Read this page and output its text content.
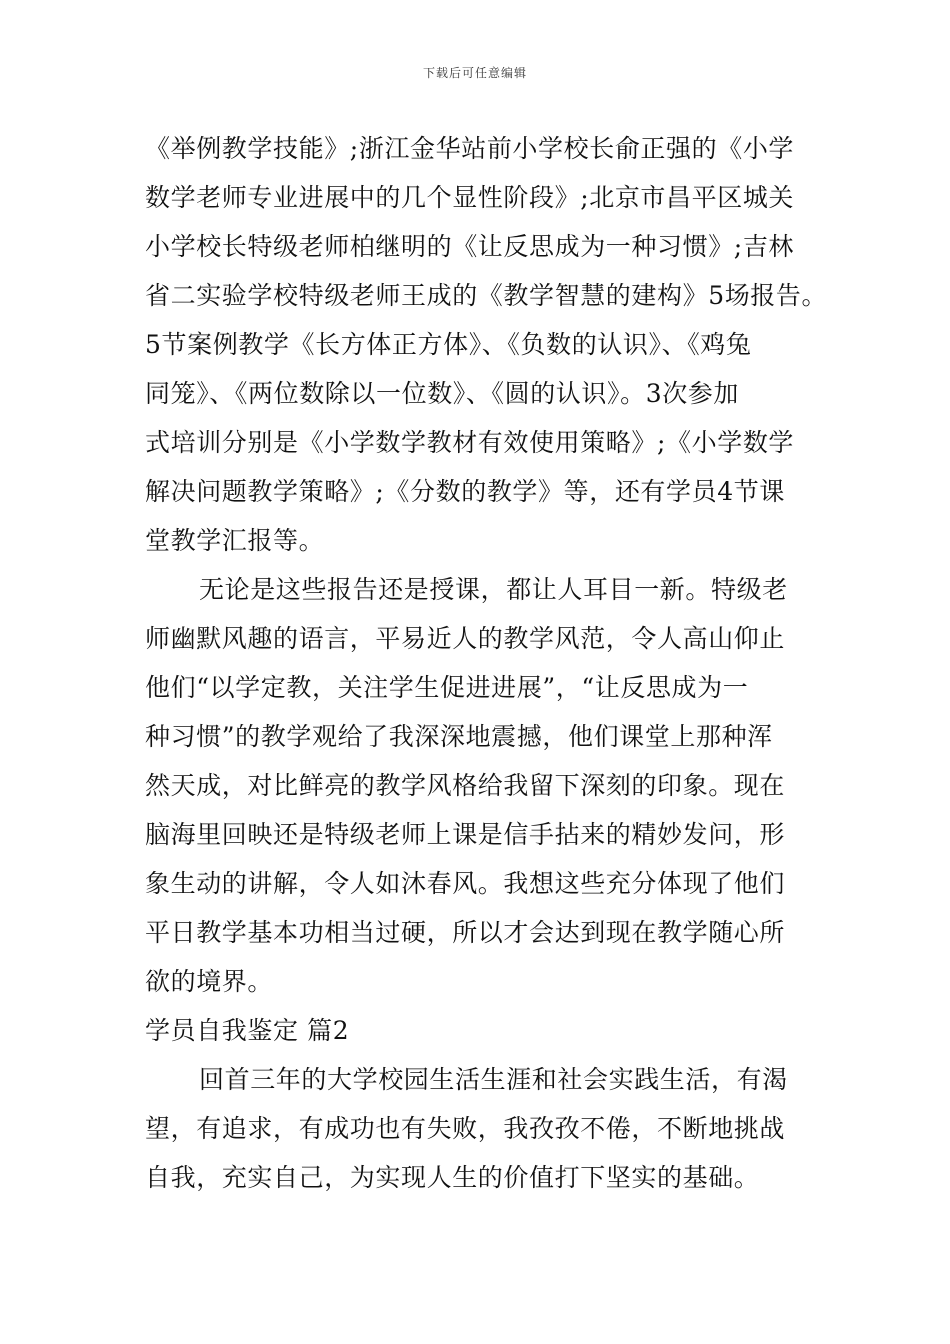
下载后可任意编辑
《举例教学技能》;浙江金华站前小学校长俞正强的《小学
数学老师专业进展中的几个显性阶段》;北京市昌平区城关
小学校长特级老师柏继明的《让反思成为一种习惯》;吉林
省二实验学校特级老师王成的《教学智慧的建构》5场报告。
5节案例教学《长方体正方体》、《负数的认识》、《鸡兔
同笼》、《两位数除以一位数》、《圆的认识》。3次参加
式培训分别是《小学数学教材有效使用策略》;《小学数学
解决问题教学策略》;《分数的教学》等，还有学员4节课
堂教学汇报等。
无论是这些报告还是授课，都让人耳目一新。特级老
师幽默风趣的语言，平易近人的教学风范，令人高山仰止
他们“以学定教，关注学生促进进展”，“让反思成为一
种习惯”的教学观给了我深深地震撼，他们课堂上那种浑
然天成，对比鲜亮的教学风格给我留下深刻的印象。现在
脑海里回映还是特级老师上课是信手拈来的精妙发问，形
象生动的讲解，令人如沐春风。我想这些充分体现了他们
平日教学基本功相当过硬，所以才会达到现在教学随心所
欲的境界。
学员自我鉴定 篇2
回首三年的大学校园生活生涯和社会实践生活，有渴
望，有追求，有成功也有失败，我孜孜不倦，不断地挑战
自我，充实自己，为实现人生的价值打下坚实的基础。
